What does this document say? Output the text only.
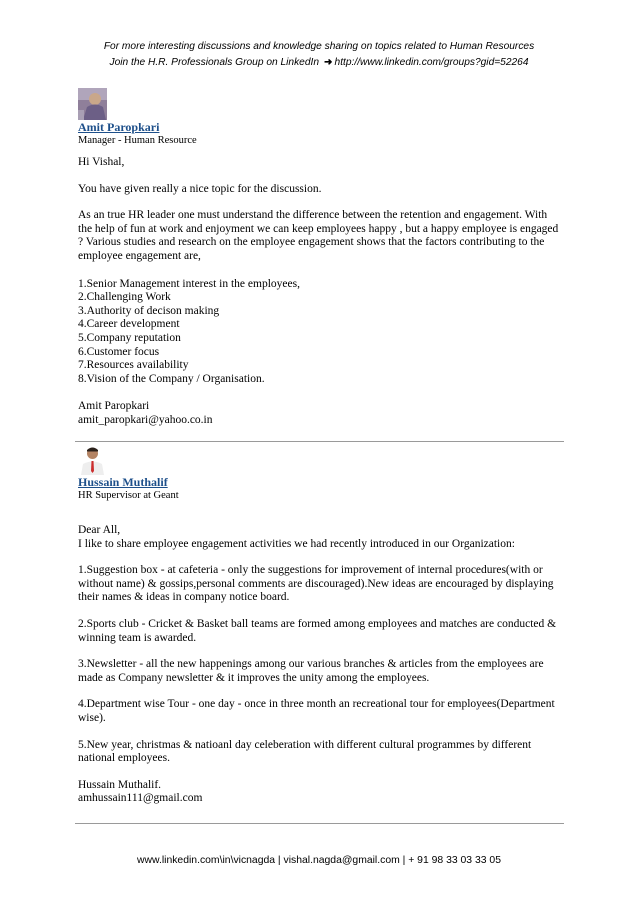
For more interesting discussions and knowledge sharing on topics related to Human Resources
Join the H.R. Professionals Group on LinkedIn ➜ http://www.linkedin.com/groups?gid=52264
Amit Paropkari
Manager - Human Resource

Hi Vishal,

You have given really a nice topic for the discussion.

As an true HR leader one must understand the difference between the retention and engagement. With the help of fun at work and enjoyment we can keep employees happy , but a happy employee is engaged ? Various studies and research on the employee engagement shows that the factors contributing to the employee engagement are,

1.Senior Management interest in the employees,
2.Challenging Work
3.Authority of decison making
4.Career development
5.Company reputation
6.Customer focus
7.Resources availability
8.Vision of the Company / Organisation.

Amit Paropkari

amit_paropkari@yahoo.co.in

Hussain Muthalif
HR Supervisor at Geant

Dear All,

I like to share employee engagement activities we had recently introduced in our Organization:

1.Suggestion box - at cafeteria - only the suggestions for improvement of internal procedures(with or without name) & gossips,personal comments are discouraged).New ideas are encouraged by displaying their names & ideas in company notice board.

2.Sports club - Cricket & Basket ball teams are formed among employees and matches are conducted & winning team is awarded.

3.Newsletter - all the new happenings among our various branches & articles from the employees are made as Company newsletter & it improves the unity among the employees.

4.Department wise Tour - one day - once in three month an recreational tour for employees(Department wise).

5.New year, christmas & natioanl day celeberation with different cultural programmes by different national employees.

Hussain Muthalif.

amhussain111@gmail.com

www.linkedin.com\in\vicnagda | vishal.nagda@gmail.com | + 91 98 33 03 33 05
